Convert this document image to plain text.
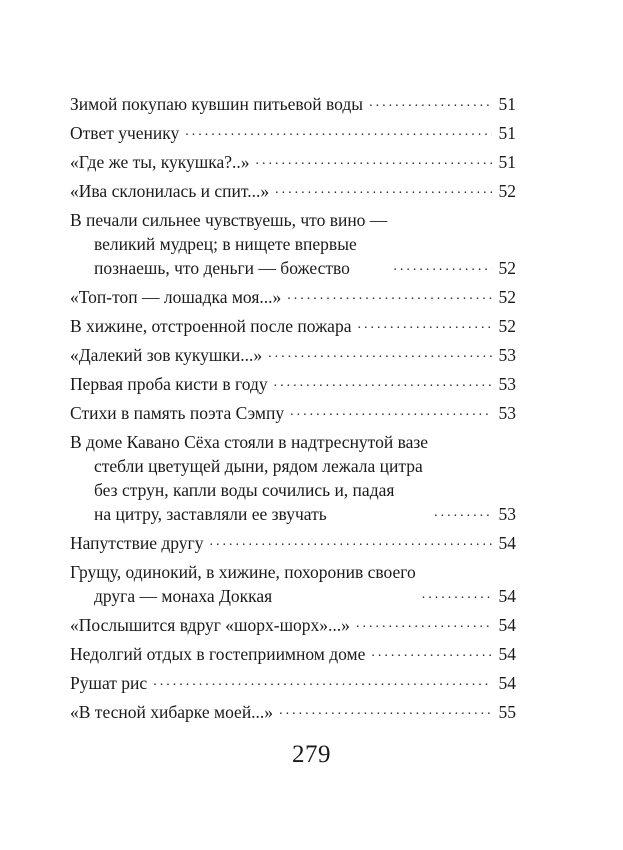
Зимой покупаю кувшин питьевой воды .....	51
Ответ ученику .....	51
«Где же ты, кукушка?..» .....	51
«Ива склонилась и спит...» .....	52
В печали сильнее чувствуешь, что вино —
великий мудрец; в нищете впервые
познаешь, что деньги — божество .....	52
«Топ-топ — лошадка моя...» .....	52
В хижине, отстроенной после пожара .....	52
«Далекий зов кукушки...» .....	53
Первая проба кисти в году .....	53
Стихи в память поэта Сэмпу .....	53
В доме Кавано Сёха стояли в надтреснутой вазе
стебли цветущей дыни, рядом лежала цитра
без струн, капли воды сочились и, падая
на цитру, заставляли ее звучать .....	53
Напутствие другу .....	54
Грущу, одинокий, в хижине, похоронив своего
друга — монаха Доккая .....	54
«Послышится вдруг «шорх-шорх»...» .....	54
Недолгий отдых в гостеприимном доме .....	54
Рушат рис .....	54
«В тесной хибарке моей...» .....	55
279
